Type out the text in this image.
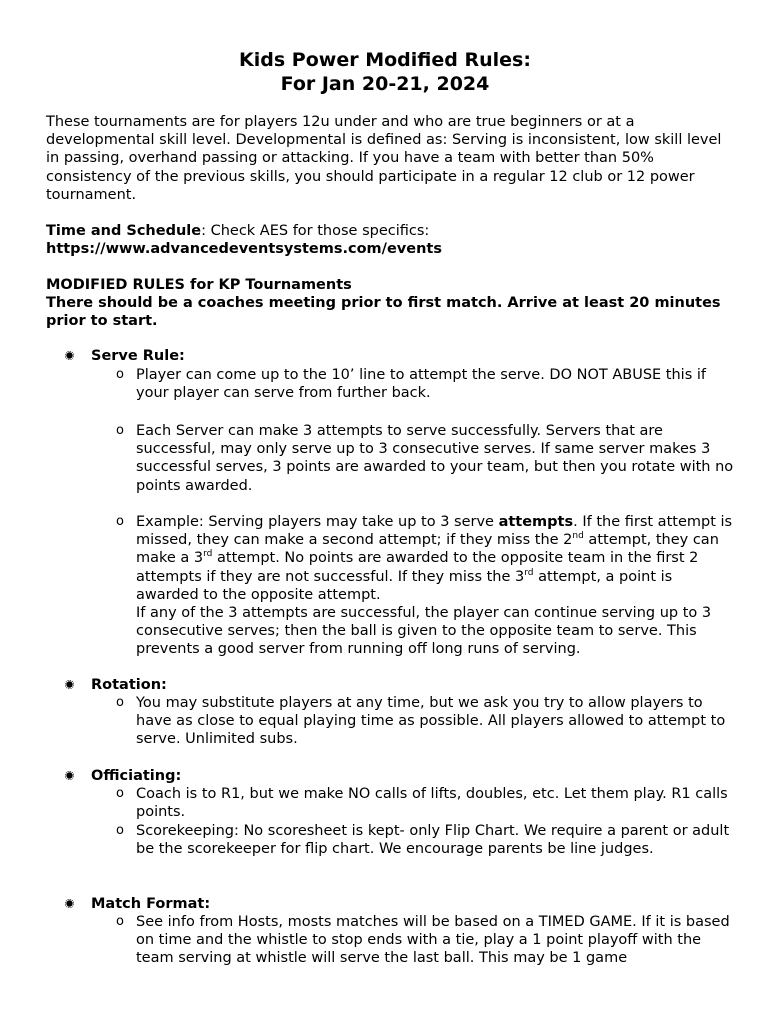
Kids Power Modified Rules:
For Jan 20-21, 2024
These tournaments are for players 12u under and who are true beginners or at a developmental skill level. Developmental is defined as: Serving is inconsistent, low skill level in passing, overhand passing or attacking. If you have a team with better than 50% consistency of the previous skills, you should participate in a regular 12 club or 12 power tournament.
Time and Schedule: Check AES for those specifics:
https://www.advancedeventsystems.com/events
MODIFIED RULES for KP Tournaments
There should be a coaches meeting prior to first match. Arrive at least 20 minutes prior to start.
Serve Rule:
o Player can come up to the 10’ line to attempt the serve. DO NOT ABUSE this if your player can serve from further back.
o Each Server can make 3 attempts to serve successfully. Servers that are successful, may only serve up to 3 consecutive serves. If same server makes 3 successful serves, 3 points are awarded to your team, but then you rotate with no points awarded.
o Example: Serving players may take up to 3 serve attempts. If the first attempt is missed, they can make a second attempt; if they miss the 2nd attempt, they can make a 3rd attempt. No points are awarded to the opposite team in the first 2 attempts if they are not successful. If they miss the 3rd attempt, a point is awarded to the opposite attempt.
If any of the 3 attempts are successful, the player can continue serving up to 3 consecutive serves; then the ball is given to the opposite team to serve. This prevents a good server from running off long runs of serving.
Rotation:
o You may substitute players at any time, but we ask you try to allow players to have as close to equal playing time as possible. All players allowed to attempt to serve. Unlimited subs.
Officiating:
o Coach is to R1, but we make NO calls of lifts, doubles, etc. Let them play. R1 calls points.
o Scorekeeping: No scoresheet is kept- only Flip Chart. We require a parent or adult be the scorekeeper for flip chart. We encourage parents be line judges.
Match Format:
o See info from Hosts, mosts matches will be based on a TIMED GAME. If it is based on time and the whistle to stop ends with a tie, play a 1 point playoff with the team serving at whistle will serve the last ball. This may be 1 game
